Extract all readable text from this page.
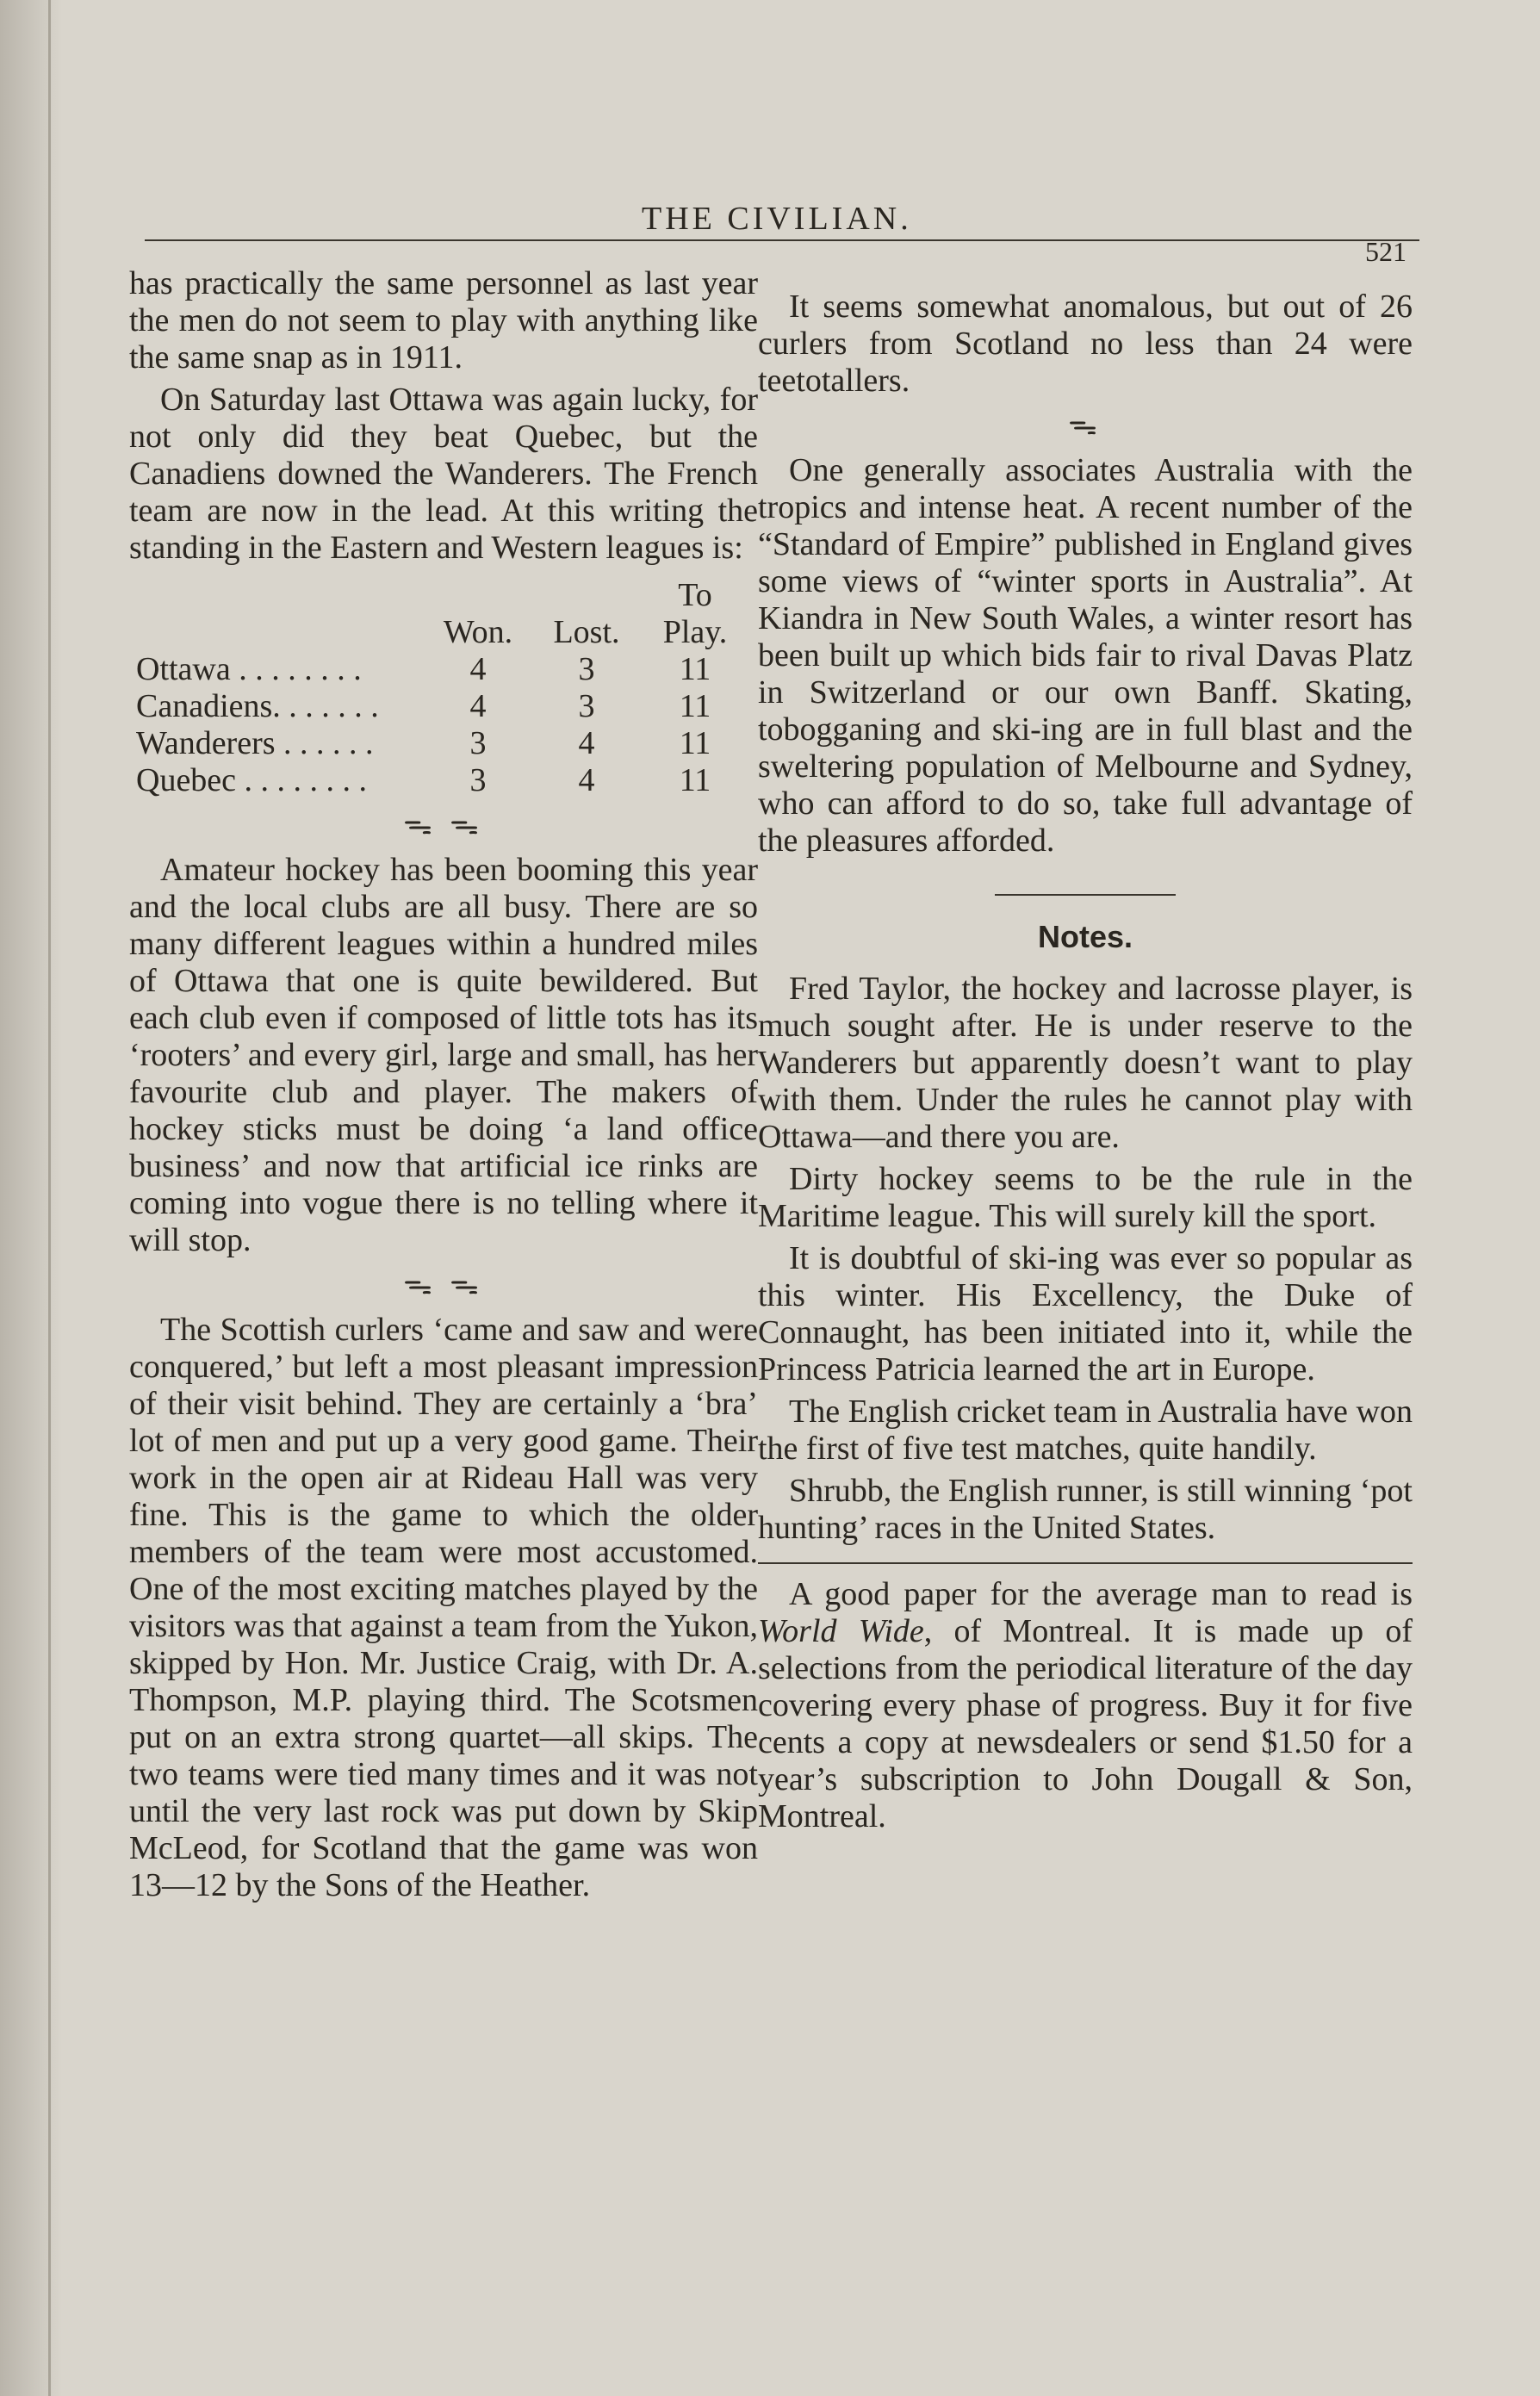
THE CIVILIAN.
521

has practically the same personnel as last year the men do not seem to play with anything like the same snap as in 1911.

On Saturday last Ottawa was again lucky, for not only did they beat Quebec, but the Canadiens downed the Wanderers. The French team are now in the lead. At this writing the standing in the Eastern and Western leagues is:

	Won.	Lost.	To Play.
Ottawa . . . . . . . .	4	3	11
Canadiens. . . . . . .	4	3	11
Wanderers . . . . . .	3	4	11
Quebec . . . . . . . .	3	4	11
ᯓ ᯓ

Amateur hockey has been booming this year and the local clubs are all busy. There are so many different leagues within a hundred miles of Ottawa that one is quite bewildered. But each club even if composed of little tots has its ‘rooters’ and every girl, large and small, has her favourite club and player. The makers of hockey sticks must be doing ‘a land office business’ and now that artificial ice rinks are coming into vogue there is no telling where it will stop.

ᯓ ᯓ

The Scottish curlers ‘came and saw and were conquered,’ but left a most pleasant impression of their visit behind. They are certainly a ‘bra’ lot of men and put up a very good game. Their work in the open air at Rideau Hall was very fine. This is the game to which the older members of the team were most accustomed. One of the most exciting matches played by the visitors was that against a team from the Yukon, skipped by Hon. Mr. Justice Craig, with Dr. A. Thompson, M.P. playing third. The Scotsmen put on an extra strong quartet—all skips. The two teams were tied many times and it was not until the very last rock was put down by Skip McLeod, for Scotland that the game was won 13—12 by the Sons of the Heather.

It seems somewhat anomalous, but out of 26 curlers from Scotland no less than 24 were teetotallers.

ᯓ

One generally associates Australia with the tropics and intense heat. A recent number of the “Standard of Empire” published in England gives some views of “winter sports in Australia”. At Kiandra in New South Wales, a winter resort has been built up which bids fair to rival Davas Platz in Switzerland or our own Banff. Skating, tobogganing and ski-ing are in full blast and the sweltering population of Melbourne and Sydney, who can afford to do so, take full advantage of the pleasures afforded.

Notes.

Fred Taylor, the hockey and lacrosse player, is much sought after. He is under reserve to the Wanderers but apparently doesn’t want to play with them. Under the rules he cannot play with Ottawa—and there you are.

Dirty hockey seems to be the rule in the Maritime league. This will surely kill the sport.

It is doubtful of ski-ing was ever so popular as this winter. His Excellency, the Duke of Connaught, has been initiated into it, while the Princess Patricia learned the art in Europe.

The English cricket team in Australia have won the first of five test matches, quite handily.

Shrubb, the English runner, is still winning ‘pot hunting’ races in the United States.

A good paper for the average man to read is World Wide, of Montreal. It is made up of selections from the periodical literature of the day covering every phase of progress. Buy it for five cents a copy at newsdealers or send $1.50 for a year’s subscription to John Dougall & Son, Montreal.
